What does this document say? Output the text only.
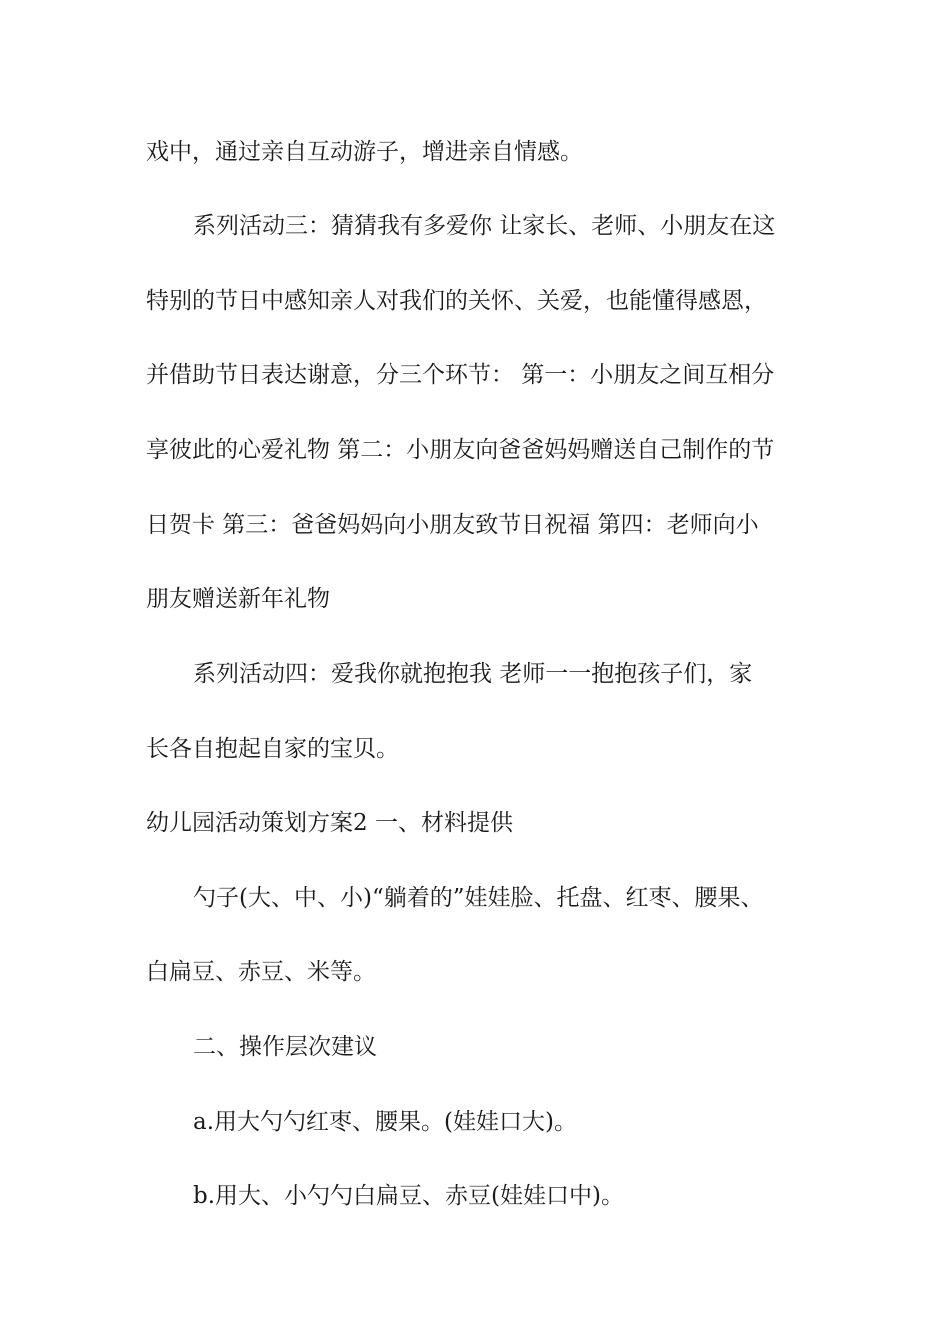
戏中，通过亲自互动游子，增进亲自情感。
系列活动三：猜猜我有多爱你 让家长、老师、小朋友在这
特别的节日中感知亲人对我们的关怀、关爱，也能懂得感恩，
并借助节日表达谢意，分三个环节： 第一：小朋友之间互相分
享彼此的心爱礼物 第二：小朋友向爸爸妈妈赠送自己制作的节
日贺卡 第三：爸爸妈妈向小朋友致节日祝福 第四：老师向小
朋友赠送新年礼物
系列活动四：爱我你就抱抱我 老师一一抱抱孩子们，家
长各自抱起自家的宝贝。
幼儿园活动策划方案2 一、材料提供
勺子(大、中、小)“躺着的”娃娃脸、托盘、红枣、腰果、
白扁豆、赤豆、米等。
二、操作层次建议
a.用大勺勺红枣、腰果。(娃娃口大)。
b.用大、小勺勺白扁豆、赤豆(娃娃口中)。
